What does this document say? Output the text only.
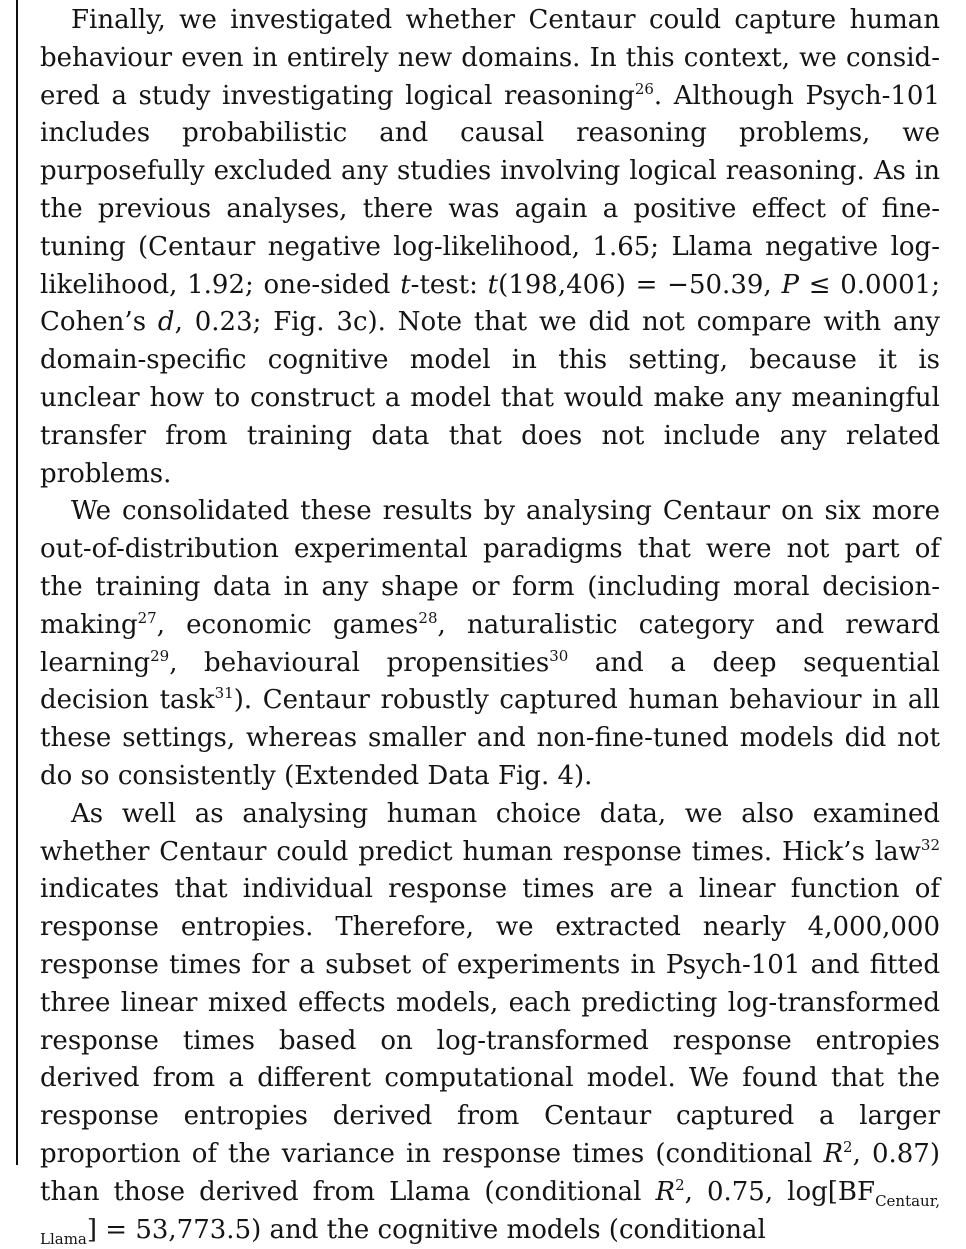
Finally, we investigated whether Centaur could capture human behaviour even in entirely new domains. In this context, we considered a study investigating logical reasoning$^{26}$. Although Psych-101 includes probabilistic and causal reasoning problems, we purposefully excluded any studies involving logical reasoning. As in the previous analyses, there was again a positive effect of fine-tuning (Centaur negative log-likelihood, 1.65; Llama negative log-likelihood, 1.92; one-sided t-test: t(198,406) = −50.39, P ≤ 0.0001; Cohen’s d, 0.23; Fig. 3c). Note that we did not compare with any domain-specific cognitive model in this setting, because it is unclear how to construct a model that would make any meaningful transfer from training data that does not include any related problems.

We consolidated these results by analysing Centaur on six more out-of-distribution experimental paradigms that were not part of the training data in any shape or form (including moral decision-making$^{27}$, economic games$^{28}$, naturalistic category and reward learning$^{29}$, behavioural propensities$^{30}$ and a deep sequential decision task$^{31}$). Centaur robustly captured human behaviour in all these settings, whereas smaller and non-fine-tuned models did not do so consistently (Extended Data Fig. 4).

As well as analysing human choice data, we also examined whether Centaur could predict human response times. Hick’s law$^{32}$ indicates that individual response times are a linear function of response entropies. Therefore, we extracted nearly 4,000,000 response times for a subset of experiments in Psych-101 and fitted three linear mixed effects models, each predicting log-transformed response times based on log-transformed response entropies derived from a different computational model. We found that the response entropies derived from Centaur captured a larger proportion of the variance in response times (conditional $R^2$, 0.87) than those derived from Llama (conditional $R^2$, 0.75, $\log[BF_{Centaur, Llama}] = 53,773.5$) and the cognitive models (conditional
